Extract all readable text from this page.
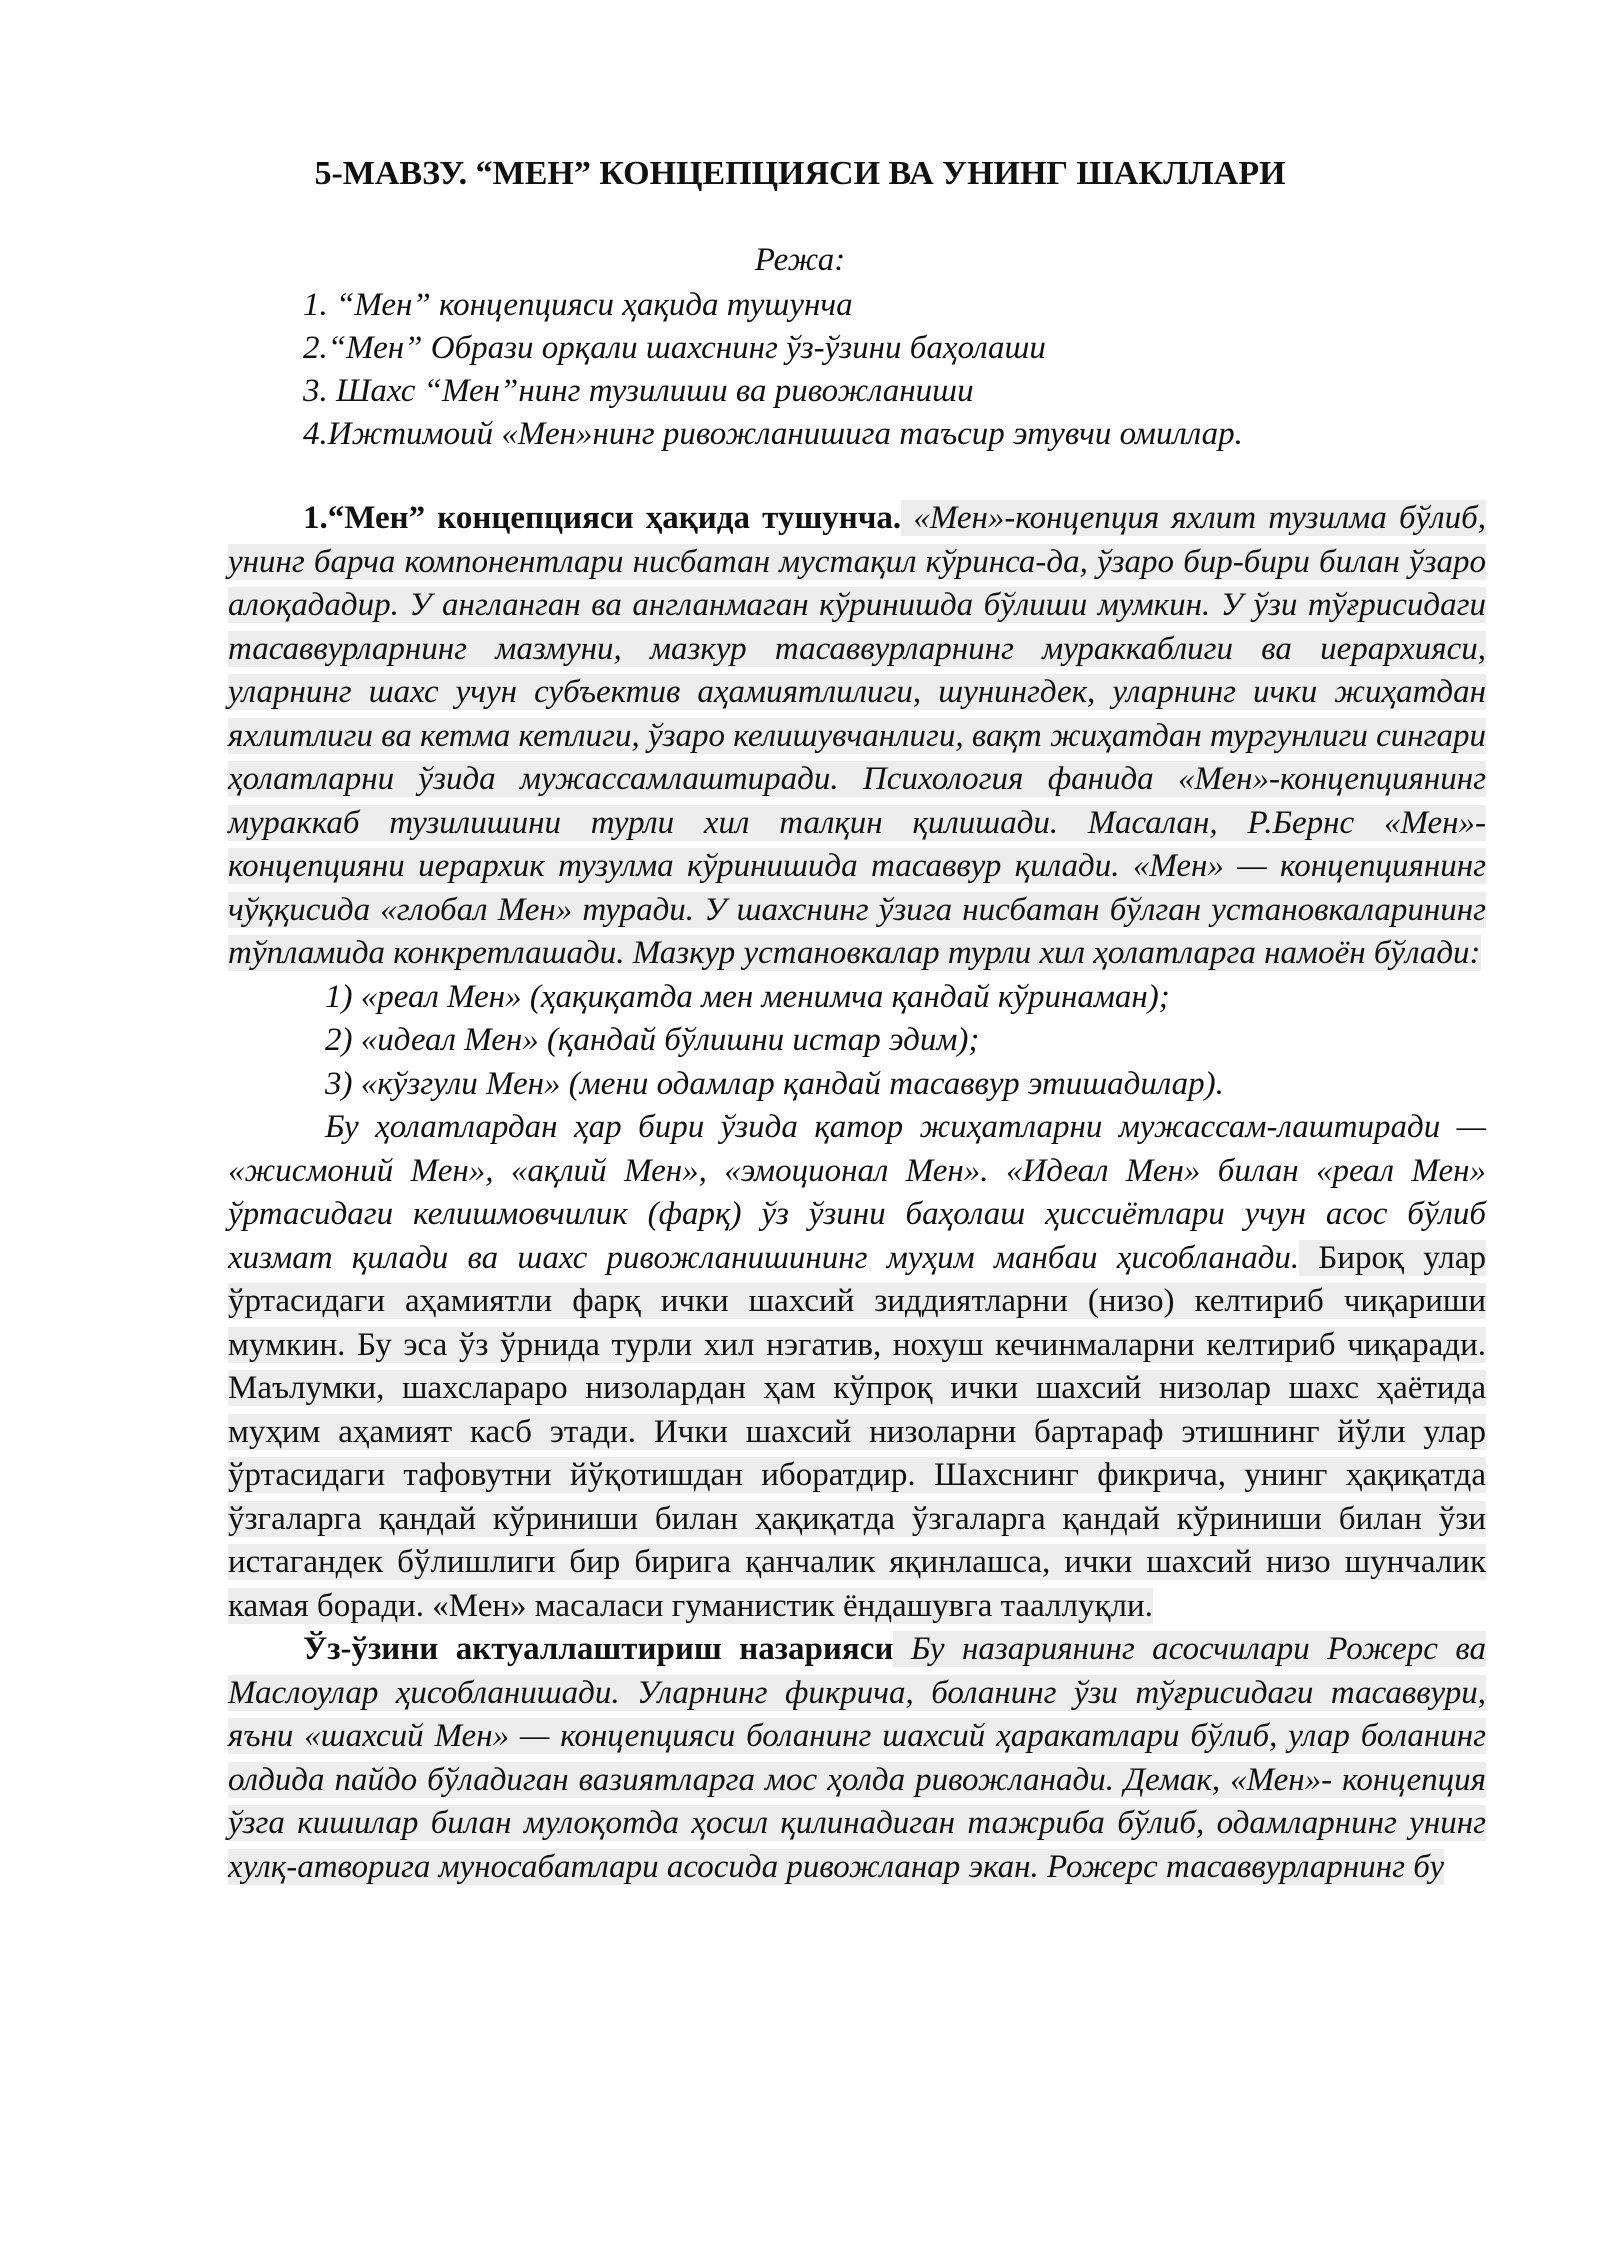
5-МАВЗУ. “МЕН” КОНЦЕПЦИЯСИ ВА УНИНГ ШАКЛЛАРИ
Режа:
1. “Мен” концепцияси ҳақида тушунча
2.“Мен” Образи орқали шахснинг ўз-ўзини баҳолаши
3. Шахс “Мен”нинг тузилиши ва ривожланиши
4.Ижтимоий «Мен»нинг ривожланишига таъсир этувчи омиллар.

1.“Мен” концепцияси ҳақида тушунча. «Мен»-концепция яхлит тузилма бўлиб, унинг барча компонентлари нисбатан мустақил кўринса-да, ўзаро бир-бири билан ўзаро алоқададир. У англанган ва англанмаган кўринишда бўлиши мумкин. У ўзи тўғрисидаги тасаввурларнинг мазмуни, мазкур тасаввурларнинг мураккаблиги ва иерархияси, уларнинг шахс учун субъектив аҳамиятлилиги, шунингдек, уларнинг ички жиҳатдан яхлитлиги ва кетма кетлиги, ўзаро келишувчанлиги, вақт жиҳатдан тургунлиги сингари ҳолатларни ўзида мужассамлаштиради. Психология фанида «Мен»-концепциянинг мураккаб тузилишини турли хил талқин қилишади. Масалан, Р.Бернс «Мен»- концепцияни иерархик тузулма кўринишида тасаввур қилади. «Мен» — концепциянинг чўққисида «глобал Мен» туради. У шахснинг ўзига нисбатан бўлган установкаларининг тўпламида конкретлашади. Мазкур установкалар турли хил ҳолатларга намоён бўлади:

1) «реал Мен» (ҳақиқатда мен менимча қандай кўринаман);

2) «идеал Мен» (қандай бўлишни истар эдим);

3) «кўзгули Мен» (мени одамлар қандай тасаввур этишадилар).

Бу ҳолатлардан ҳар бири ўзида қатор жиҳатларни мужассам-лаштиради — «жисмоний Мен», «ақлий Мен», «эмоционал Мен». «Идеал Мен» билан «реал Мен» ўртасидаги келишмовчилик (фарқ) ўз ўзини баҳолаш ҳиссиётлари учун асос бўлиб хизмат қилади ва шахс ривожланишининг муҳим манбаи ҳисобланади. Бироқ улар ўртасидаги аҳамиятли фарқ ички шахсий зиддиятларни (низо) келтириб чиқариши мумкин. Бу эса ўз ўрнида турли хил нэгатив, нохуш кечинмаларни келтириб чиқаради. Маълумки, шахслараро низолардан ҳам кўпроқ ички шахсий низолар шахс ҳаётида муҳим аҳамият касб этади. Ички шахсий низоларни бартараф этишнинг йўли улар ўртасидаги тафовутни йўқотишдан иборатдир. Шахснинг фикрича, унинг ҳақиқатда ўзгаларга қандай кўриниши билан ҳақиқатда ўзгаларга қандай кўриниши билан ўзи истагандек бўлишлиги бир бирига қанчалик яқинлашса, ички шахсий низо шунчалик камая боради. «Мен» масаласи гуманистик ёндашувга тааллуқли.

Ўз-ўзини актуаллаштириш назарияси Бу назариянинг асосчилари Рожерс ва Маслоулар ҳисобланишади. Уларнинг фикрича, боланинг ўзи тўғрисидаги тасаввури, яъни «шахсий Мен» — концепцияси боланинг шахсий ҳаракатлари бўлиб, улар боланинг олдида пайдо бўладиган вазиятларга мос ҳолда ривожланади. Демак, «Мен»- концепция ўзга кишилар билан мулоқотда ҳосил қилинадиган тажриба бўлиб, одамларнинг унинг хулқ-атворига муносабатлари асосида ривожланар экан. Рожерс тасаввурларнинг бу
